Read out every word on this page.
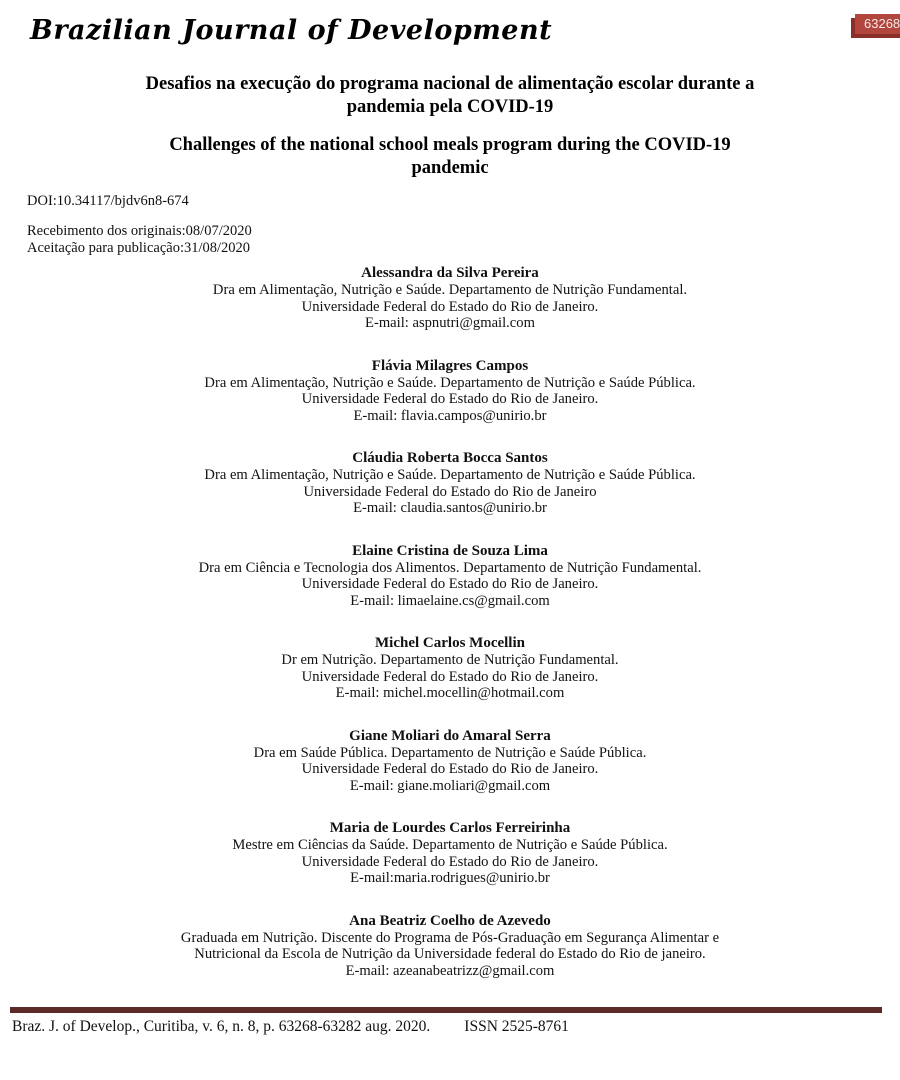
63268
Brazilian Journal of Development
Desafios na execução do programa nacional de alimentação escolar durante a
pandemia pela COVID-19
Challenges of the national school meals program during the COVID-19
pandemic
DOI:10.34117/bjdv6n8-674
Recebimento dos originais:08/07/2020
Aceitação para publicação:31/08/2020
Alessandra da Silva Pereira
Dra em Alimentação, Nutrição e Saúde. Departamento de Nutrição Fundamental.
Universidade Federal do Estado do Rio de Janeiro.
E-mail: aspnutri@gmail.com
Flávia Milagres Campos
Dra em Alimentação, Nutrição e Saúde. Departamento de Nutrição e Saúde Pública.
Universidade Federal do Estado do Rio de Janeiro.
E-mail: flavia.campos@unirio.br
Cláudia Roberta Bocca Santos
Dra em Alimentação, Nutrição e Saúde. Departamento de Nutrição e Saúde Pública.
Universidade Federal do Estado do Rio de Janeiro
E-mail: claudia.santos@unirio.br
Elaine Cristina de Souza Lima
Dra em Ciência e Tecnologia dos Alimentos. Departamento de Nutrição Fundamental.
Universidade Federal do Estado do Rio de Janeiro.
E-mail: limaelaine.cs@gmail.com
Michel Carlos Mocellin
Dr em Nutrição. Departamento de Nutrição Fundamental.
Universidade Federal do Estado do Rio de Janeiro.
E-mail: michel.mocellin@hotmail.com
Giane Moliari do Amaral Serra
Dra em Saúde Pública. Departamento de Nutrição e Saúde Pública.
Universidade Federal do Estado do Rio de Janeiro.
E-mail: giane.moliari@gmail.com
Maria de Lourdes Carlos Ferreirinha
Mestre em Ciências da Saúde. Departamento de Nutrição e Saúde Pública.
Universidade Federal do Estado do Rio de Janeiro.
E-mail:maria.rodrigues@unirio.br
Ana Beatriz Coelho de Azevedo
Graduada em Nutrição. Discente do Programa de Pós-Graduação em Segurança Alimentar e
Nutricional da Escola de Nutrição da Universidade federal do Estado do Rio de janeiro.
E-mail: azeanabeatrizz@gmail.com
Braz. J. of Develop., Curitiba, v. 6, n. 8, p. 63268-63282 aug. 2020. ISSN 2525-8761
